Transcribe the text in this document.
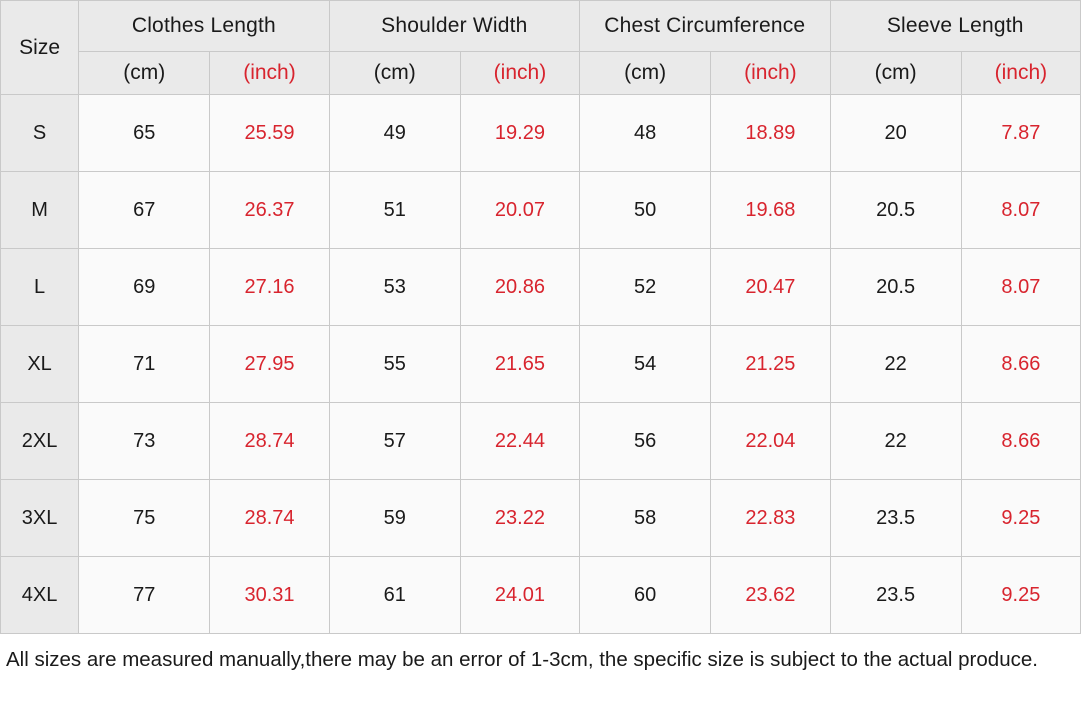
Size	Clothes Length		Shoulder Width		Chest Circumference		Sleeve Length	
	(cm)	(inch)	(cm)	(inch)	(cm)	(inch)	(cm)	(inch)
S	65	25.59	49	19.29	48	18.89	20	7.87
M	67	26.37	51	20.07	50	19.68	20.5	8.07
L	69	27.16	53	20.86	52	20.47	20.5	8.07
XL	71	27.95	55	21.65	54	21.25	22	8.66
2XL	73	28.74	57	22.44	56	22.04	22	8.66
3XL	75	28.74	59	23.22	58	22.83	23.5	9.25
4XL	77	30.31	61	24.01	60	23.62	23.5	9.25
All sizes are measured manually,there may be an error of 1-3cm, the specific size is subject to the actual produce.
